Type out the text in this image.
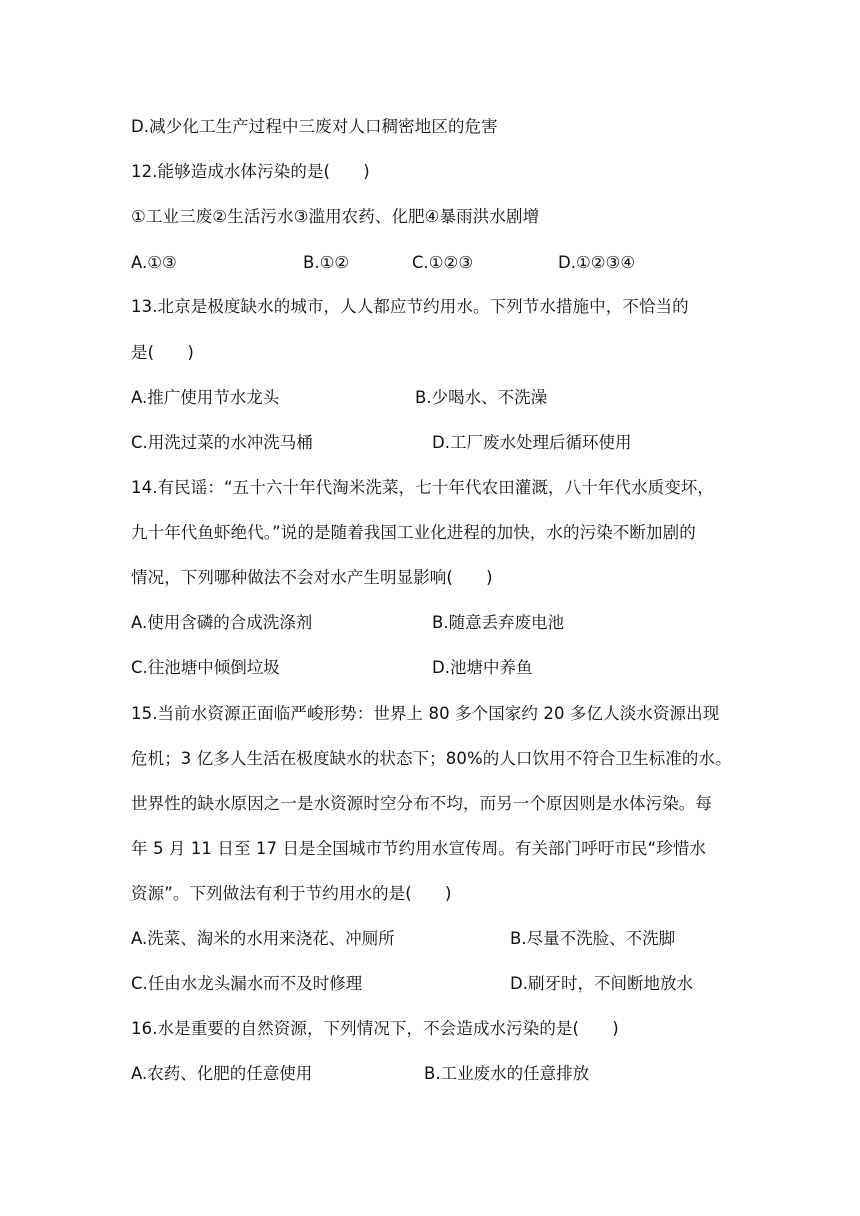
D.减少化工生产过程中三废对人口稠密地区的危害
12.能够造成水体污染的是(　　)
①工业三废②生活污水③滥用农药、化肥④暴雨洪水剧增
A.①③	B.①②	C.①②③	D.①②③④
13.北京是极度缺水的城市，人人都应节约用水。下列节水措施中，不恰当的
是(　　)
A.推广使用节水龙头	B.少喝水、不洗澡
C.用洗过菜的水冲洗马桶	D.工厂废水处理后循环使用
14.有民谣：“五十六十年代淘米洗菜，七十年代农田灌溉，八十年代水质变坏，
九十年代鱼虾绝代。”说的是随着我国工业化进程的加快，水的污染不断加剧的
情况，下列哪种做法不会对水产生明显影响(　　)
A.使用含磷的合成洗涤剂	B.随意丢弃废电池
C.往池塘中倾倒垃圾	D.池塘中养鱼
15.当前水资源正面临严峻形势：世界上 80 多个国家约 20 多亿人淡水资源出现
危机；3 亿多人生活在极度缺水的状态下；80%的人口饮用不符合卫生标准的水。
世界性的缺水原因之一是水资源时空分布不均，而另一个原因则是水体污染。每
年 5 月 11 日至 17 日是全国城市节约用水宣传周。有关部门呼吁市民“珍惜水
资源”。下列做法有利于节约用水的是(　　)
A.洗菜、淘米的水用来浇花、冲厕所	B.尽量不洗脸、不洗脚
C.任由水龙头漏水而不及时修理	D.刷牙时，不间断地放水
16.水是重要的自然资源，下列情况下，不会造成水污染的是(　　)
A.农药、化肥的任意使用	B.工业废水的任意排放
